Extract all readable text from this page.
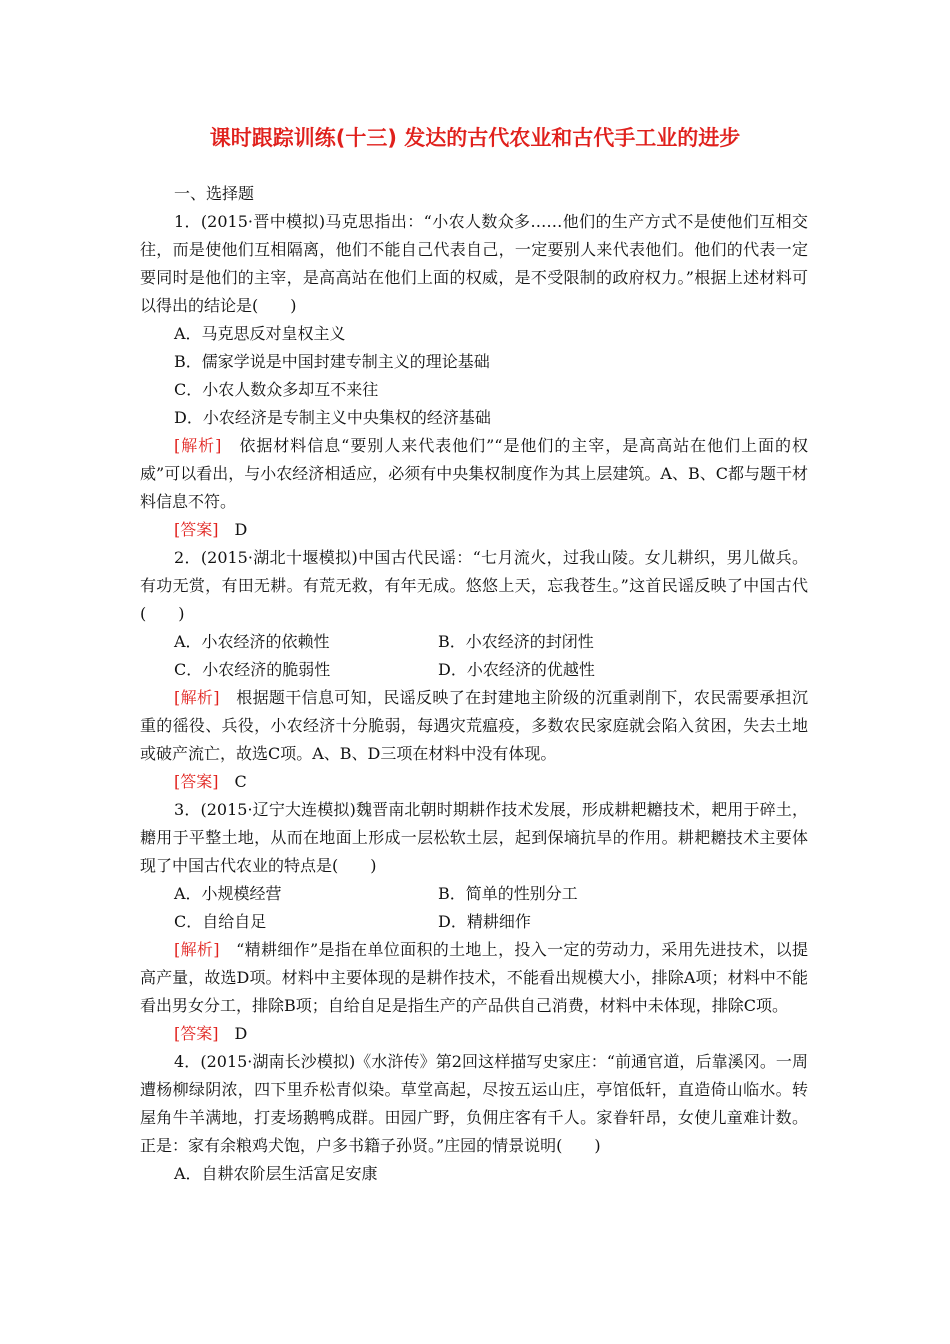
课时跟踪训练(十三) 发达的古代农业和古代手工业的进步

一、选择题

1．(2015·晋中模拟)马克思指出：“小农人数众多……他们的生产方式不是使他们互相交往，而是使他们互相隔离，他们不能自己代表自己，一定要别人来代表他们。他们的代表一定要同时是他们的主宰，是高高站在他们上面的权威，是不受限制的政府权力。”根据上述材料可以得出的结论是(　　)

A．马克思反对皇权主义

B．儒家学说是中国封建专制主义的理论基础

C．小农人数众多却互不来往

D．小农经济是专制主义中央集权的经济基础

[解析]　依据材料信息“要别人来代表他们”“是他们的主宰，是高高站在他们上面的权威”可以看出，与小农经济相适应，必须有中央集权制度作为其上层建筑。A、B、C都与题干材料信息不符。

[答案]　D

2．(2015·湖北十堰模拟)中国古代民谣：“七月流火，过我山陵。女儿耕织，男儿做兵。有功无赏，有田无耕。有荒无救，有年无成。悠悠上天，忘我苍生。”这首民谣反映了中国古代(　　)

A．小农经济的依赖性	B．小农经济的封闭性
C．小农经济的脆弱性	D．小农经济的优越性

[解析]　根据题干信息可知，民谣反映了在封建地主阶级的沉重剥削下，农民需要承担沉重的徭役、兵役，小农经济十分脆弱，每遇灾荒瘟疫，多数农民家庭就会陷入贫困，失去土地或破产流亡，故选C项。A、B、D三项在材料中没有体现。

[答案]　C

3．(2015·辽宁大连模拟)魏晋南北朝时期耕作技术发展，形成耕耙耱技术，耙用于碎土，耱用于平整土地，从而在地面上形成一层松软土层，起到保墒抗旱的作用。耕耙耱技术主要体现了中国古代农业的特点是(　　)

A．小规模经营	B．简单的性别分工
C．自给自足	D．精耕细作

[解析]　“精耕细作”是指在单位面积的土地上，投入一定的劳动力，采用先进技术，以提高产量，故选D项。材料中主要体现的是耕作技术，不能看出规模大小，排除A项；材料中不能看出男女分工，排除B项；自给自足是指生产的产品供自己消费，材料中未体现，排除C项。

[答案]　D

4．(2015·湖南长沙模拟)《水浒传》第2回这样描写史家庄：“前通官道，后靠溪冈。一周遭杨柳绿阴浓，四下里乔松青似染。草堂高起，尽按五运山庄，亭馆低轩，直造倚山临水。转屋角牛羊满地，打麦场鹅鸭成群。田园广野，负佣庄客有千人。家眷轩昂，女使儿童难计数。正是：家有余粮鸡犬饱，户多书籍子孙贤。”庄园的情景说明(　　)

A．自耕农阶层生活富足安康
